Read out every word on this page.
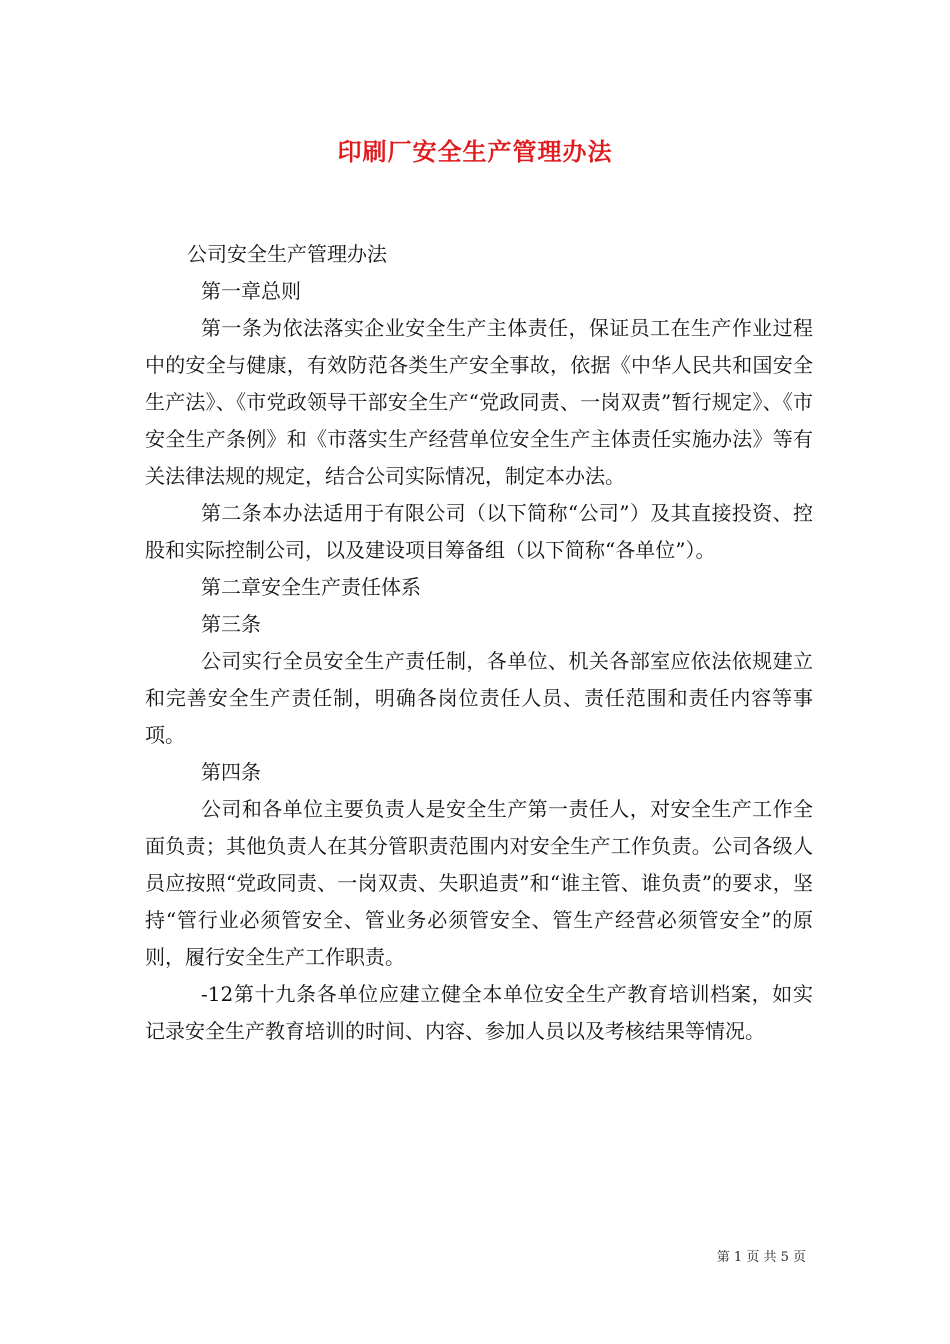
印刷厂安全生产管理办法

公司安全生产管理办法

第一章总则

第一条为依法落实企业安全生产主体责任，保证员工在生产作业过程中的安全与健康，有效防范各类生产安全事故，依据《中华人民共和国安全生产法》、《市党政领导干部安全生产“党政同责、一岗双责”暂行规定》、《市安全生产条例》和《市落实生产经营单位安全生产主体责任实施办法》等有关法律法规的规定，结合公司实际情况，制定本办法。

第二条本办法适用于有限公司（以下简称“公司”）及其直接投资、控股和实际控制公司，以及建设项目筹备组（以下简称“各单位”）。

第二章安全生产责任体系

第三条

公司实行全员安全生产责任制，各单位、机关各部室应依法依规建立和完善安全生产责任制，明确各岗位责任人员、责任范围和责任内容等事项。

第四条

公司和各单位主要负责人是安全生产第一责任人，对安全生产工作全面负责；其他负责人在其分管职责范围内对安全生产工作负责。公司各级人员应按照“党政同责、一岗双责、失职追责”和“谁主管、谁负责”的要求，坚持“管行业必须管安全、管业务必须管安全、管生产经营必须管安全”的原则，履行安全生产工作职责。

-12第十九条各单位应建立健全本单位安全生产教育培训档案，如实记录安全生产教育培训的时间、内容、参加人员以及考核结果等情况。

第 1 页 共 5 页
